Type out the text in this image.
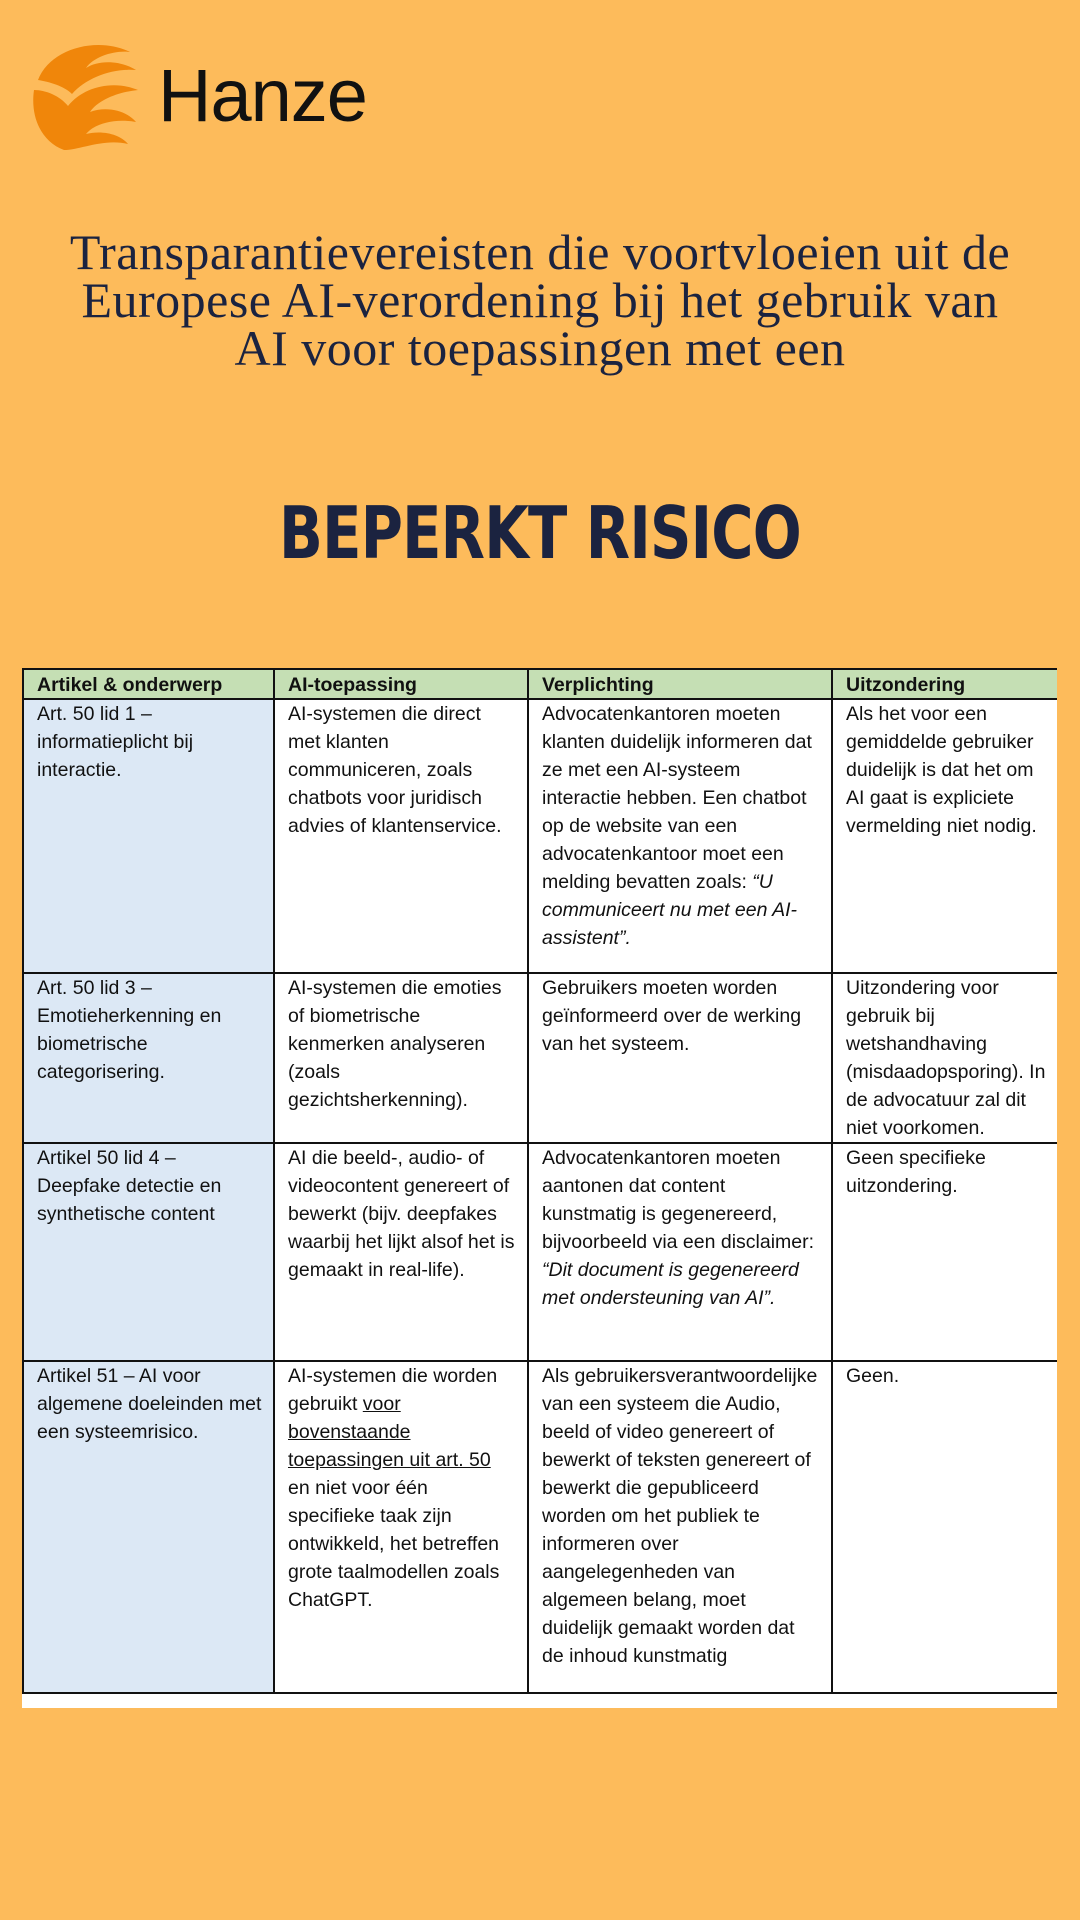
Hanze
Transparantievereisten die voortvloeien uit de Europese AI-verordening bij het gebruik van AI voor toepassingen met een
BEPERKT RISICO
Artikel & onderwerp	AI-toepassing	Verplichting	Uitzondering
Art. 50 lid 1 – informatieplicht bij interactie.	AI-systemen die direct met klanten communiceren, zoals chatbots voor juridisch advies of klantenservice.	Advocatenkantoren moeten klanten duidelijk informeren dat ze met een AI-systeem interactie hebben. Een chatbot op de website van een advocatenkantoor moet een melding bevatten zoals: “U communiceert nu met een AI-assistent”.	Als het voor een gemiddelde gebruiker duidelijk is dat het om AI gaat is expliciete vermelding niet nodig.
Art. 50 lid 3 – Emotieherkenning en biometrische categorisering.	AI-systemen die emoties of biometrische kenmerken analyseren (zoals gezichtsherkenning).	Gebruikers moeten worden geïnformeerd over de werking van het systeem.	Uitzondering voor gebruik bij wetshandhaving (misdaadopsporing). In de advocatuur zal dit niet voorkomen.
Artikel 50 lid 4 – Deepfake detectie en synthetische content	AI die beeld-, audio- of videocontent genereert of bewerkt (bijv. deepfakes waarbij het lijkt alsof het is gemaakt in real-life).	Advocatenkantoren moeten aantonen dat content kunstmatig is gegenereerd, bijvoorbeeld via een disclaimer: “Dit document is gegenereerd met ondersteuning van AI”.	Geen specifieke uitzondering.
Artikel 51 – AI voor algemene doeleinden met een systeemrisico.	AI-systemen die worden gebruikt voor bovenstaande toepassingen uit art. 50 en niet voor één specifieke taak zijn ontwikkeld, het betreffen grote taalmodellen zoals ChatGPT.	Als gebruikersverantwoordelijke van een systeem die Audio, beeld of video genereert of bewerkt of teksten genereert of bewerkt die gepubliceerd worden om het publiek te informeren over aangelegenheden van algemeen belang, moet duidelijk gemaakt worden dat de inhoud kunstmatig	Geen.
